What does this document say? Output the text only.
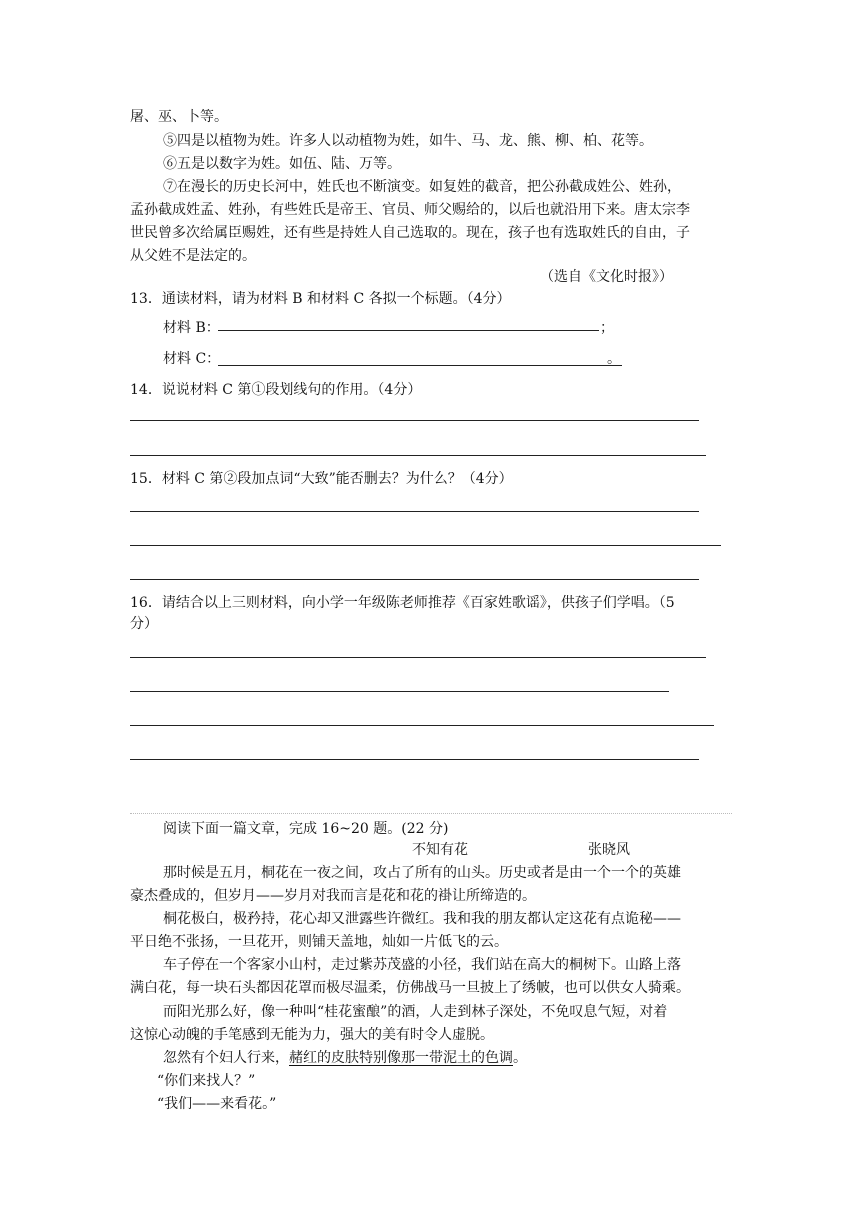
屠、巫、卜等。
⑤四是以植物为姓。许多人以动植物为姓，如牛、马、龙、熊、柳、柏、花等。
⑥五是以数字为姓。如伍、陆、万等。
⑦在漫长的历史长河中，姓氏也不断演变。如复姓的截音，把公孙截成姓公、姓孙，
孟孙截成姓孟、姓孙，有些姓氏是帝王、官员、师父赐给的，以后也就沿用下来。唐太宗李
世民曾多次给属臣赐姓，还有些是持姓人自己选取的。现在，孩子也有选取姓氏的自由，子
从父姓不是法定的。
（选自《文化时报》）
13．通读材料，请为材料 B 和材料 C 各拟一个标题。（4分）
材料 B：	；
材料 C：	。
14．说说材料 C 第①段划线句的作用。（4分）
15．材料 C 第②段加点词“大致”能否删去？为什么？（4分）
16．请结合以上三则材料，向小学一年级陈老师推荐《百家姓歌谣》，供孩子们学唱。（5
分）
阅读下面一篇文章，完成 16~20 题。(22 分)
不知有花	张晓风
那时候是五月，桐花在一夜之间，攻占了所有的山头。历史或者是由一个一个的英雄
豪杰叠成的，但岁月——岁月对我而言是花和花的褂让所缔造的。
桐花极白，极矜持，花心却又泄露些许微红。我和我的朋友都认定这花有点诡秘——
平日绝不张扬，一旦花开，则铺天盖地，灿如一片低飞的云。
车子停在一个客家小山村，走过紫苏茂盛的小径，我们站在高大的桐树下。山路上落
满白花，每一块石头都因花罩而极尽温柔，仿佛战马一旦披上了绣帔，也可以供女人骑乘。
而阳光那么好，像一种叫“桂花蜜酿”的酒，人走到林子深处，不免叹息气短，对着
这惊心动魄的手笔感到无能为力，强大的美有时令人虚脱。
忽然有个妇人行来，赭红的皮肤特别像那一带泥土的色调。
“你们来找人？”
“我们——来看花。”
